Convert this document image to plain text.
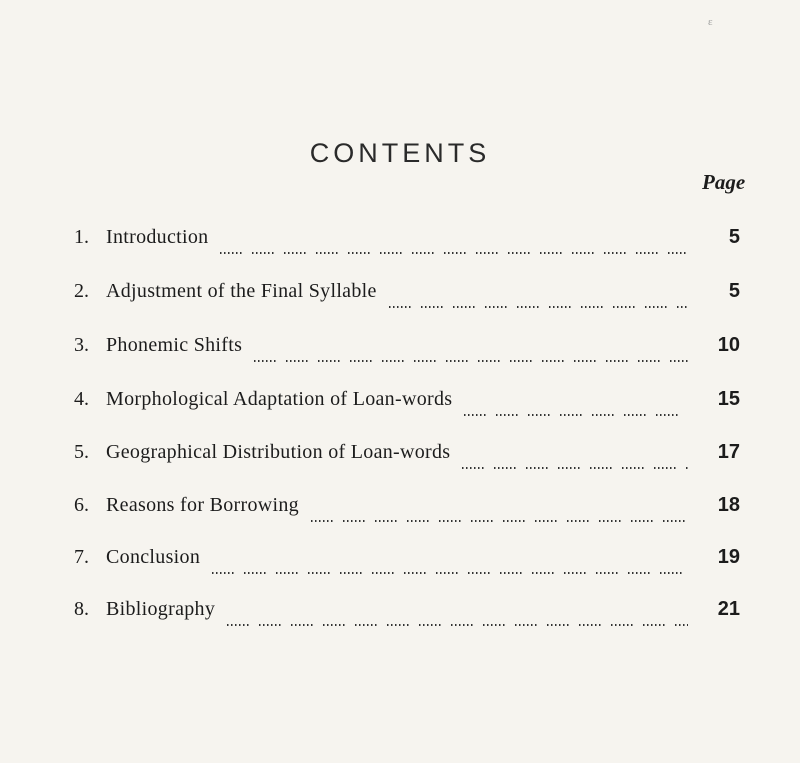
ε
CONTENTS
Page
1. Introduction	5
2. Adjustment of the Final Syllable	5
3. Phonemic Shifts	10
4. Morphological Adaptation of Loan-words	15
5. Geographical Distribution of Loan-words	17
6. Reasons for Borrowing	18
7. Conclusion	19
8. Bibliography	21
